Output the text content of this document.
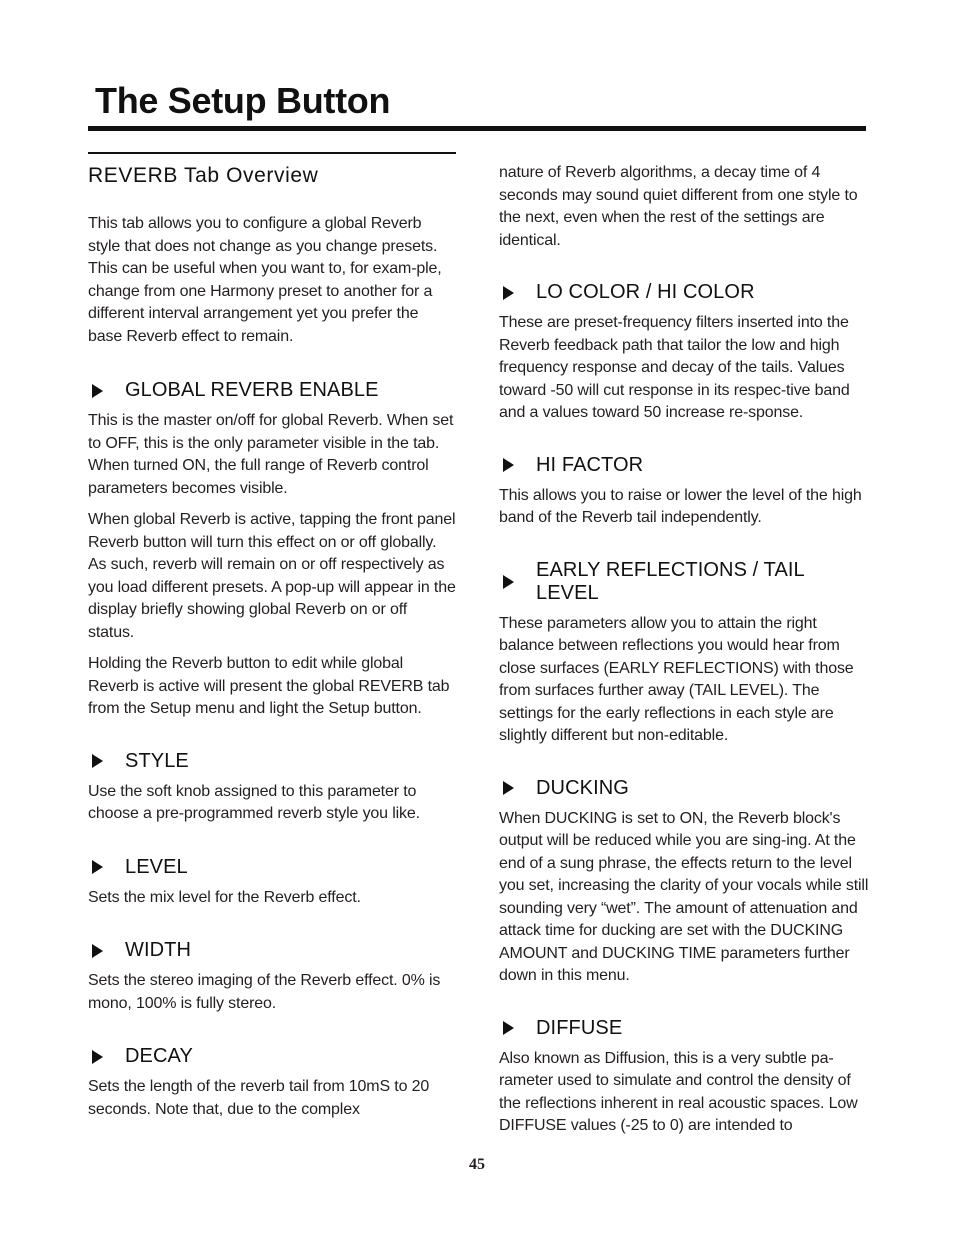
The Setup Button
REVERB Tab Overview

This tab allows you to configure a global Reverb style that does not change as you change presets. This can be useful when you want to, for exam-ple, change from one Harmony preset to another for a different interval arrangement yet you prefer the base Reverb effect to remain.

GLOBAL REVERB ENABLE

This is the master on/off for global Reverb. When set to OFF, this is the only parameter visible in the tab. When turned ON, the full range of Reverb control parameters becomes visible.

When global Reverb is active, tapping the front panel Reverb button will turn this effect on or off globally. As such, reverb will remain on or off respectively as you load different presets. A pop-up will appear in the display briefly showing global Reverb on or off status.

Holding the Reverb button to edit while global Reverb is active will present the global REVERB tab from the Setup menu and light the Setup button.

STYLE

Use the soft knob assigned to this parameter to choose a pre-programmed reverb style you like.

LEVEL

Sets the mix level for the Reverb effect.

WIDTH

Sets the stereo imaging of the Reverb effect. 0% is mono, 100% is fully stereo.

DECAY

Sets the length of the reverb tail from 10mS to 20 seconds. Note that, due to the complex

nature of Reverb algorithms, a decay time of 4 seconds may sound quiet different from one style to the next, even when the rest of the settings are identical.

LO COLOR / HI COLOR

These are preset-frequency filters inserted into the Reverb feedback path that tailor the low and high frequency response and decay of the tails. Values toward -50 will cut response in its respec-tive band and a values toward 50 increase re-sponse.

HI FACTOR

This allows you to raise or lower the level of the high band of the Reverb tail independently.

EARLY REFLECTIONS / TAIL LEVEL

These parameters allow you to attain the right balance between reflections you would hear from close surfaces (EARLY REFLECTIONS) with those from surfaces further away (TAIL LEVEL). The settings for the early reflections in each style are slightly different but non-editable.

DUCKING

When DUCKING is set to ON, the Reverb block's output will be reduced while you are sing-ing. At the end of a sung phrase, the effects return to the level you set, increasing the clarity of your vocals while still sounding very “wet”. The amount of attenuation and attack time for ducking are set with the DUCKING AMOUNT and DUCKING TIME parameters further down in this menu.

DIFFUSE

Also known as Diffusion, this is a very subtle pa-rameter used to simulate and control the density of the reflections inherent in real acoustic spaces. Low DIFFUSE values (-25 to 0) are intended to

45
